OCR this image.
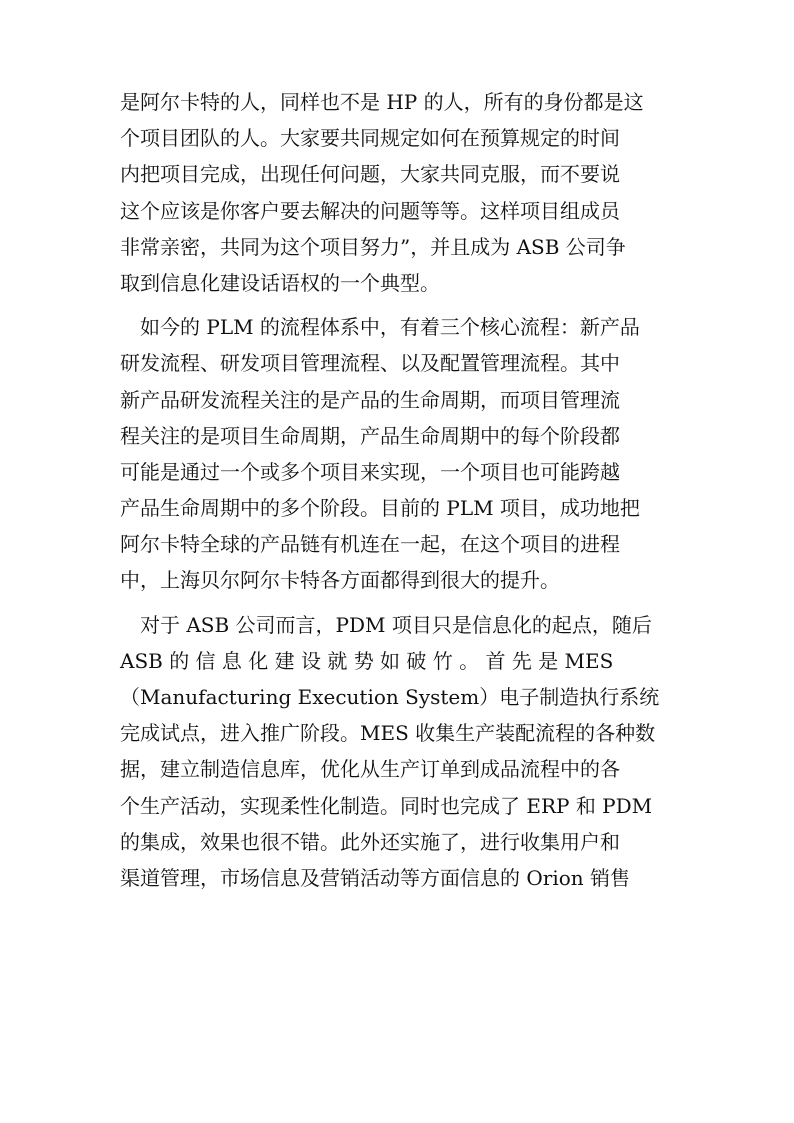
是阿尔卡特的人，同样也不是 HP 的人，所有的身份都是这
个项目团队的人。大家要共同规定如何在预算规定的时间
内把项目完成，出现任何问题，大家共同克服，而不要说
这个应该是你客户要去解决的问题等等。这样项目组成员
非常亲密，共同为这个项目努力”，并且成为 ASB 公司争
取到信息化建设话语权的一个典型。
　如今的 PLM 的流程体系中，有着三个核心流程：新产品
研发流程、研发项目管理流程、以及配置管理流程。其中
新产品研发流程关注的是产品的生命周期，而项目管理流
程关注的是项目生命周期，产品生命周期中的每个阶段都
可能是通过一个或多个项目来实现，一个项目也可能跨越
产品生命周期中的多个阶段。目前的 PLM 项目，成功地把
阿尔卡特全球的产品链有机连在一起，在这个项目的进程
中，上海贝尔阿尔卡特各方面都得到很大的提升。
　对于 ASB 公司而言，PDM 项目只是信息化的起点，随后
ASB 的 信 息 化 建 设 就 势 如 破 竹 。 首 先 是 MES
（Manufacturing Execution System）电子制造执行系统
完成试点，进入推广阶段。MES 收集生产装配流程的各种数
据，建立制造信息库，优化从生产订单到成品流程中的各
个生产活动，实现柔性化制造。同时也完成了 ERP 和 PDM
的集成，效果也很不错。此外还实施了，进行收集用户和
渠道管理，市场信息及营销活动等方面信息的 Orion 销售
